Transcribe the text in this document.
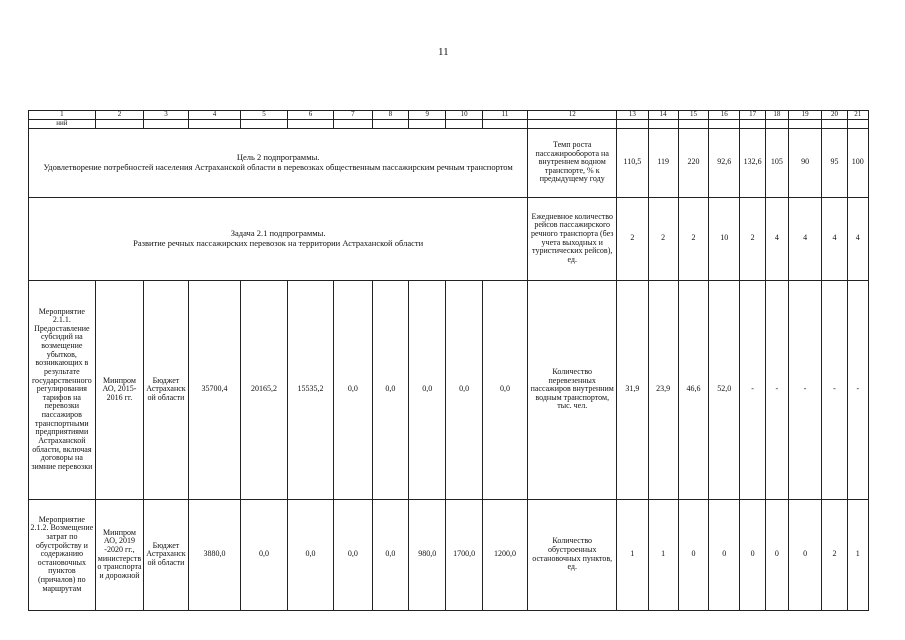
11
1	2	3	4	5	6	7	8	9	10	11	12	13	14	15	16	17	18	19	20	21
ний																				

Цель 2 подпрограммы.
Удовлетворение потребностей населения Астраханской области в перевозках общественным пассажирским речным транспортом											Темп роста пассажирооборота на внутреннем водном транспорте, % к предыдущему году	110,5	119	220	92,6	132,6	105	90	95	100

Задача 2.1 подпрограммы.
Развитие речных пассажирских перевозок на территории Астраханской области											Ежедневное количество рейсов пассажирского речного транспорта (без учета выходных и туристических рейсов), ед.	2	2	2	10	2	4	4	4	4
Мероприятие 2.1.1. Предоставление субсидий на возмещение убытков, возникающих в результате государственного регулирования тарифов на перевозки пассажиров транспортными предприятиями Астраханской области, включая договоры на зимние перевозки	Минпром АО, 2015-2016 гг.	Бюджет Астраханской области	35700,4	20165,2	15535,2	0,0	0,0	0,0	0,0	0,0	Количество перевезенных пассажиров внутренним водным транспортом, тыс. чел.	31,9	23,9	46,6	52,0	-	-	-	-	-
Мероприятие 2.1.2. Возмещение затрат по обустройству и содержанию остановочных пунктов (причалов) по маршрутам	Минпром АО, 2019 -2020 гг., министерство транспорта и дорожной	Бюджет Астраханской области	3880,0	0,0	0,0	0,0	0,0	980,0	1700,0	1200,0	Количество обустроенных остановочных пунктов, ед.	1	1	0	0	0	0	0	2	1
